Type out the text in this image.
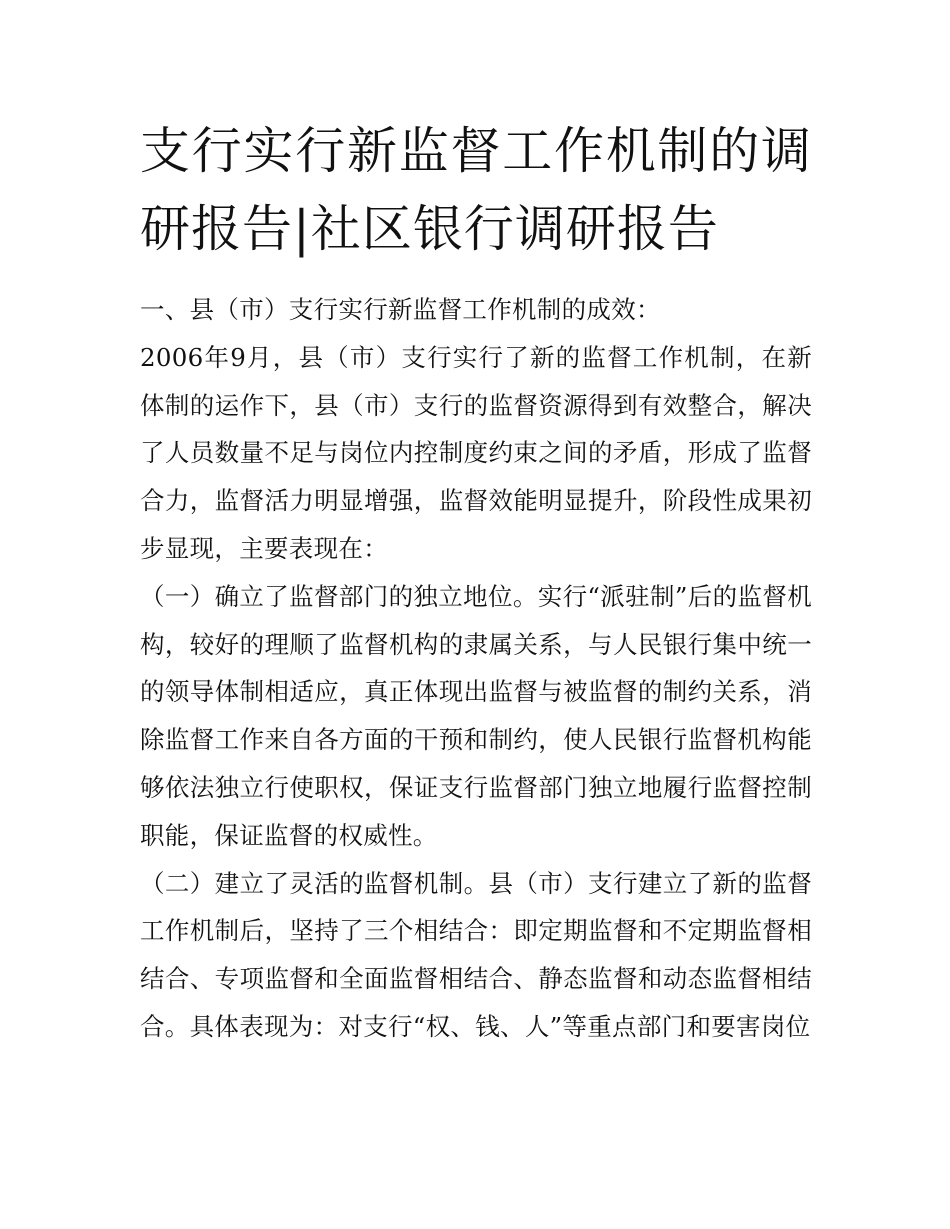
支行实行新监督工作机制的调研报告|社区银行调研报告

一、县（市）支行实行新监督工作机制的成效：

2006年9月，县（市）支行实行了新的监督工作机制，在新体制的运作下，县（市）支行的监督资源得到有效整合，解决了人员数量不足与岗位内控制度约束之间的矛盾，形成了监督合力，监督活力明显增强，监督效能明显提升，阶段性成果初步显现，主要表现在：

（一）确立了监督部门的独立地位。实行“派驻制”后的监督机构，较好的理顺了监督机构的隶属关系，与人民银行集中统一的领导体制相适应，真正体现出监督与被监督的制约关系，消除监督工作来自各方面的干预和制约，使人民银行监督机构能够依法独立行使职权，保证支行监督部门独立地履行监督控制职能，保证监督的权威性。

（二）建立了灵活的监督机制。县（市）支行建立了新的监督工作机制后，坚持了三个相结合：即定期监督和不定期监督相结合、专项监督和全面监督相结合、静态监督和动态监督相结合。具体表现为：对支行“权、钱、人”等重点部门和要害岗位
